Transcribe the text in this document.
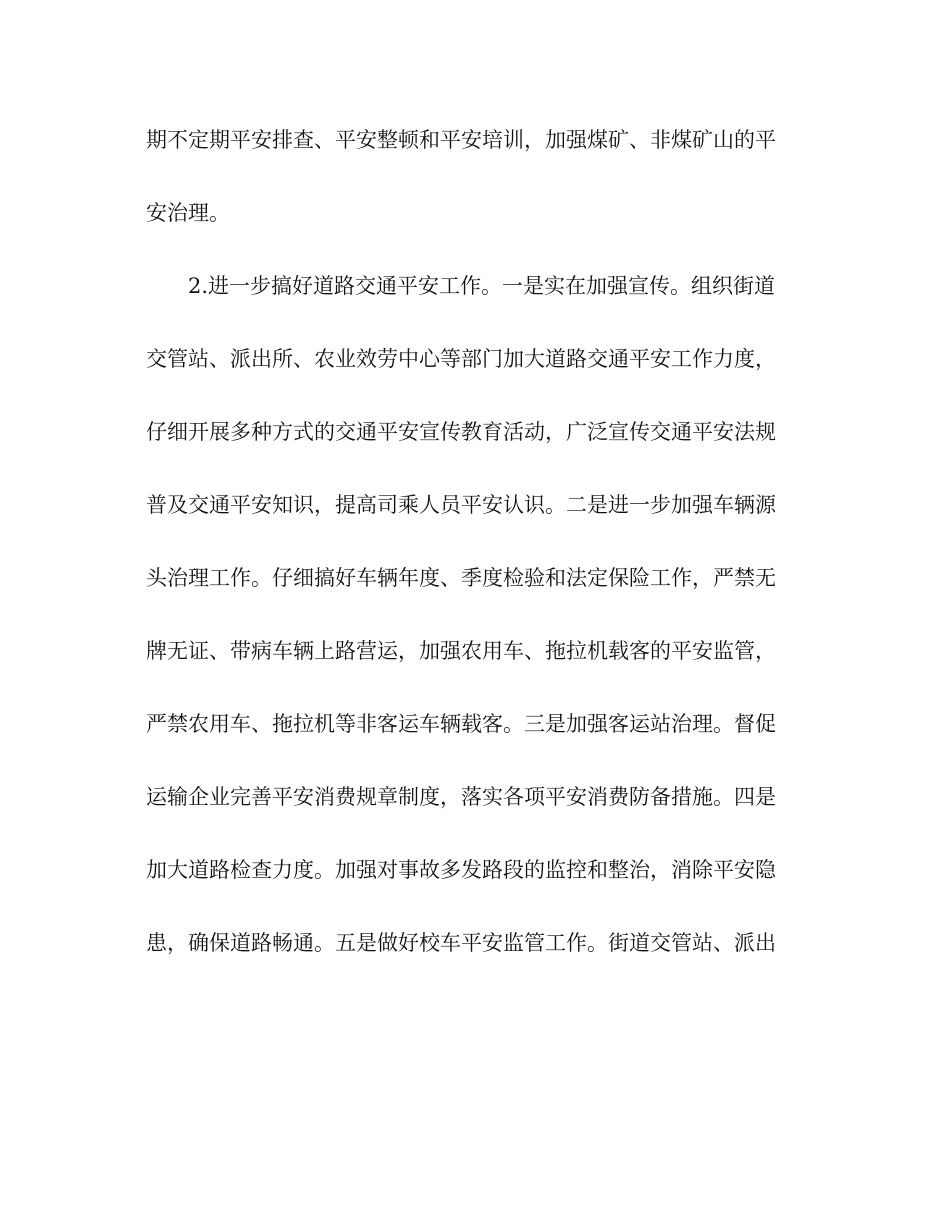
期不定期平安排查、平安整顿和平安培训，加强煤矿、非煤矿山的平
安治理。
2.进一步搞好道路交通平安工作。一是实在加强宣传。组织街道
交管站、派出所、农业效劳中心等部门加大道路交通平安工作力度，
仔细开展多种方式的交通平安宣传教育活动，广泛宣传交通平安法规
普及交通平安知识，提高司乘人员平安认识。二是进一步加强车辆源
头治理工作。仔细搞好车辆年度、季度检验和法定保险工作，严禁无
牌无证、带病车辆上路营运，加强农用车、拖拉机载客的平安监管，
严禁农用车、拖拉机等非客运车辆载客。三是加强客运站治理。督促
运输企业完善平安消费规章制度，落实各项平安消费防备措施。四是
加大道路检查力度。加强对事故多发路段的监控和整治，消除平安隐
患，确保道路畅通。五是做好校车平安监管工作。街道交管站、派出
